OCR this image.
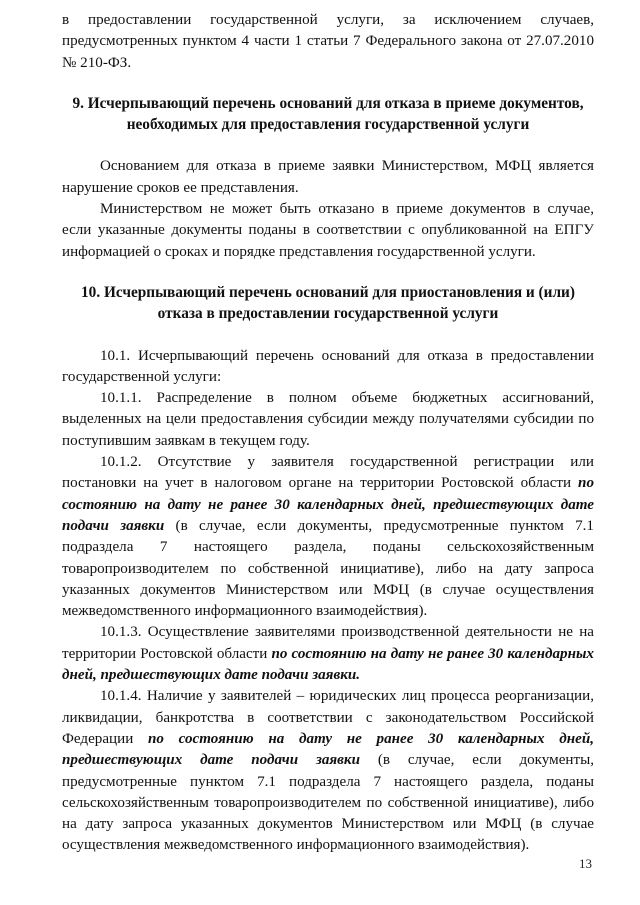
в предоставлении государственной услуги, за исключением случаев, предусмотренных пунктом 4 части 1 статьи 7 Федерального закона от 27.07.2010 № 210-ФЗ.

9. Исчерпывающий перечень оснований для отказа в приеме документов,
необходимых для предоставления государственной услуги

Основанием для отказа в приеме заявки Министерством, МФЦ является нарушение сроков ее представления.

Министерством не может быть отказано в приеме документов в случае, если указанные документы поданы в соответствии с опубликованной на ЕПГУ информацией о сроках и порядке представления государственной услуги.

10. Исчерпывающий перечень оснований для приостановления и (или)
отказа в предоставлении государственной услуги

10.1. Исчерпывающий перечень оснований для отказа в предоставлении государственной услуги:

10.1.1. Распределение в полном объеме бюджетных ассигнований, выделенных на цели предоставления субсидии между получателями субсидии по поступившим заявкам в текущем году.

10.1.2. Отсутствие у заявителя государственной регистрации или постановки на учет в налоговом органе на территории Ростовской области по состоянию на дату не ранее 30 календарных дней, предшествующих дате подачи заявки (в случае, если документы, предусмотренные пунктом 7.1 подраздела 7 настоящего раздела, поданы сельскохозяйственным товаропроизводителем по собственной инициативе), либо на дату запроса указанных документов Министерством или МФЦ (в случае осуществления межведомственного информационного взаимодействия).

10.1.3. Осуществление заявителями производственной деятельности не на территории Ростовской области по состоянию на дату не ранее 30 календарных дней, предшествующих дате подачи заявки.

10.1.4. Наличие у заявителей – юридических лиц процесса реорганизации, ликвидации, банкротства в соответствии с законодательством Российской Федерации по состоянию на дату не ранее 30 календарных дней, предшествующих дате подачи заявки (в случае, если документы, предусмотренные пунктом 7.1 подраздела 7 настоящего раздела, поданы сельскохозяйственным товаропроизводителем по собственной инициативе), либо на дату запроса указанных документов Министерством или МФЦ (в случае осуществления межведомственного информационного взаимодействия).

13
